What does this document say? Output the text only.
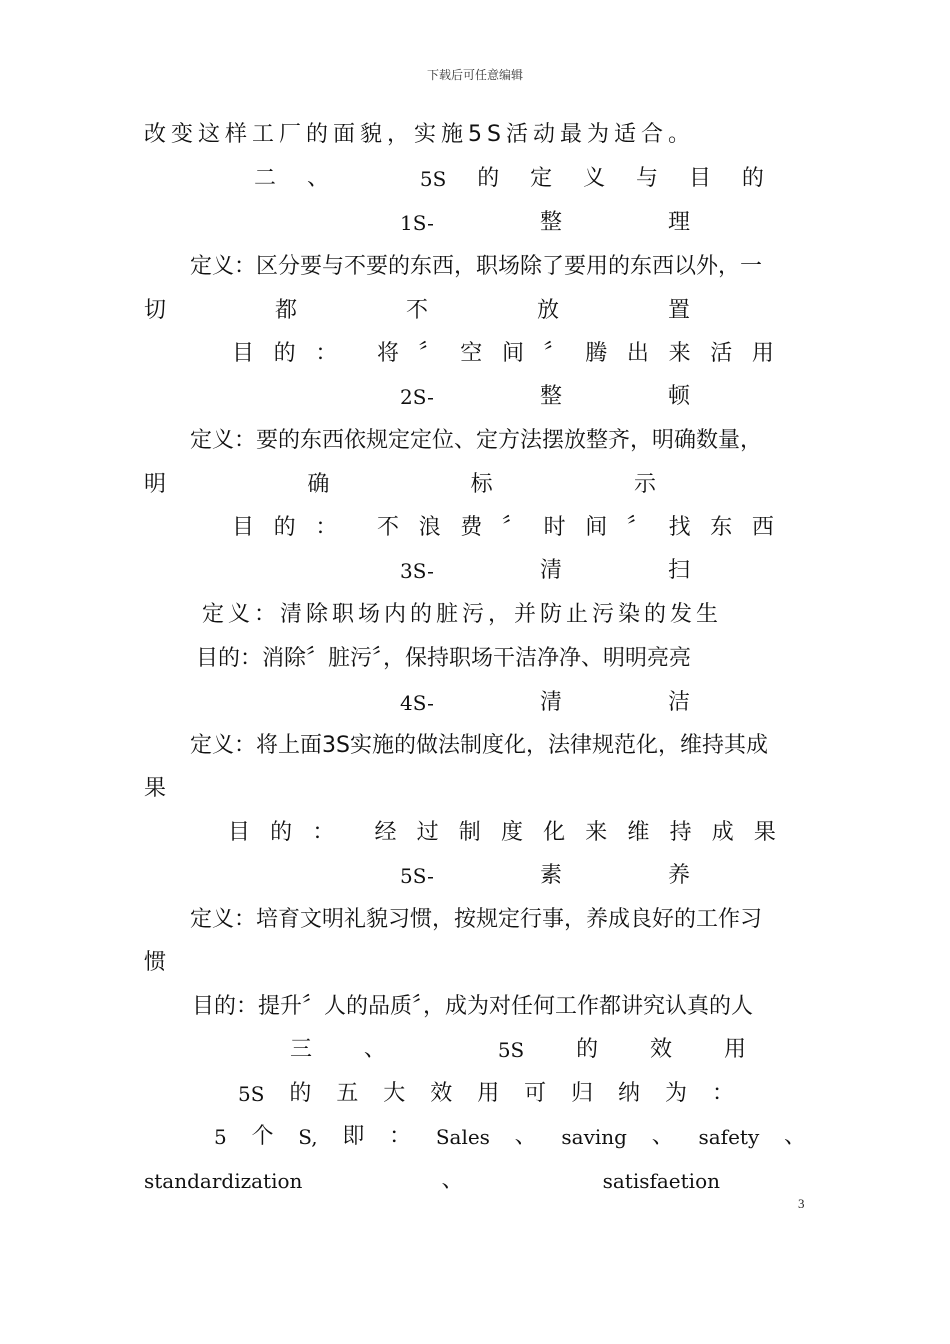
下载后可任意编辑
改变这样工厂的面貌，实施5S活动最为适合。
二 、	5S 的 定 义 与 目 的
1S-	整	理
定义：区分要与不要的东西，职场除了要用的东西以外，一
切	都	不	放	置
目 的 ： 将 〞 空 间 〞 腾 出 来 活 用
2S-	整	顿
定义：要的东西依规定定位、定方法摆放整齐，明确数量，
明	确	标	示
目 的 ： 不 浪 费 〞 时 间 〞 找 东 西
3S-	清	扫
定义：清除职场内的脏污，并防止污染的发生
目的：消除〞脏污〞，保持职场干洁净净、明明亮亮
4S-	清	洁
定义：将上面3S实施的做法制度化，法律规范化，维持其成
果
目 的 ： 经 过 制 度 化 来 维 持 成 果
5S-	素	养
定义：培育文明礼貌习惯，按规定行事，养成良好的工作习
惯
目的：提升〞人的品质〞，成为对任何工作都讲究认真的人
三 、	5S 的 效 用
5S 的 五 大 效 用 可 归 纳 为 ：
5 个 S, 即 ： Sales 、 saving 、 safety 、
standardization	、	satisfaetion
3
